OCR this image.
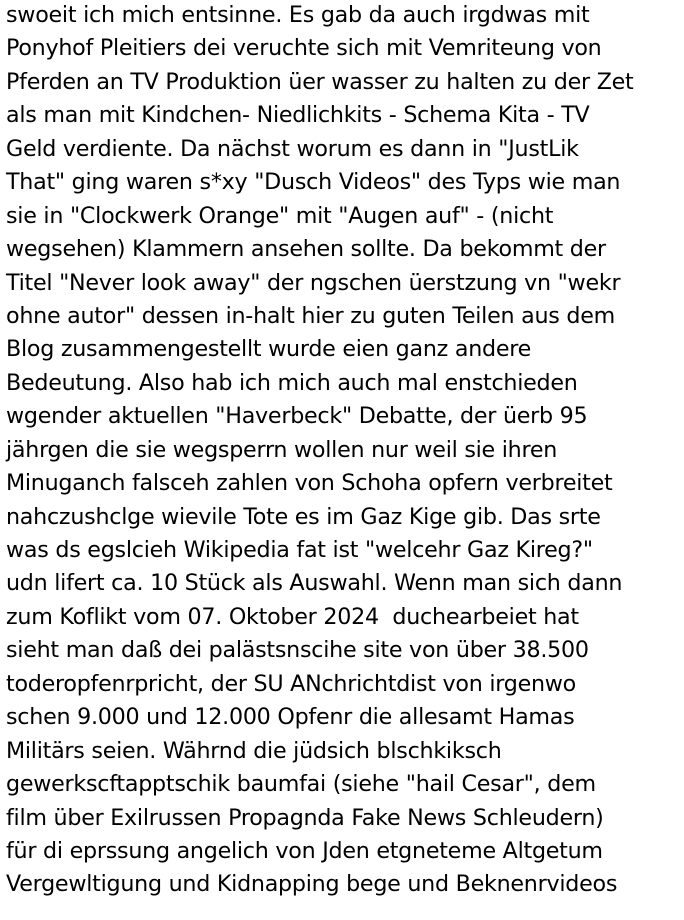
swoeit ich mich entsinne. Es gab da auch irgdwas mit
Ponyhof Pleitiers dei veruchte sich mit Vemriteung von
Pferden an TV Produktion üer wasser zu halten zu der Zet
als man mit Kindchen- Niedlichkits - Schema Kita - TV
Geld verdiente. Da nächst worum es dann in "JustLik
That" ging waren s*xy "Dusch Videos" des Typs wie man
sie in "Clockwerk Orange" mit "Augen auf" - (nicht
wegsehen) Klammern ansehen sollte. Da bekommt der
Titel "Never look away" der ngschen üerstzung vn "wekr
ohne autor" dessen in-halt hier zu guten Teilen aus dem
Blog zusammengestellt wurde eien ganz andere
Bedeutung. Also hab ich mich auch mal enstchieden
wgender aktuellen "Haverbeck" Debatte, der üerb 95
jährgen die sie wegsperrn wollen nur weil sie ihren
Minuganch falsceh zahlen von Schoha opfern verbreitet
nahczushclge wievile Tote es im Gaz Kige gib. Das srte
was ds egslcieh Wikipedia fat ist "welcehr Gaz Kireg?"
udn lifert ca. 10 Stück als Auswahl. Wenn man sich dann
zum Koflikt vom 07. Oktober 2024  duchearbeiet hat
sieht man daß dei palästsnscihe site von über 38.500
toderopfenrpricht, der SU ANchrichtdist von irgenwo
schen 9.000 und 12.000 Opfenr die allesamt Hamas
Militärs seien. Währnd die jüdsich blschkiksch
gewerkscftapptschik baumfai (siehe "hail Cesar", dem
film über Exilrussen Propagnda Fake News Schleudern)
für di eprssung angelich von Jden etgneteme Altgetum
Vergewltigung und Kidnapping bege und Beknenrvideos
